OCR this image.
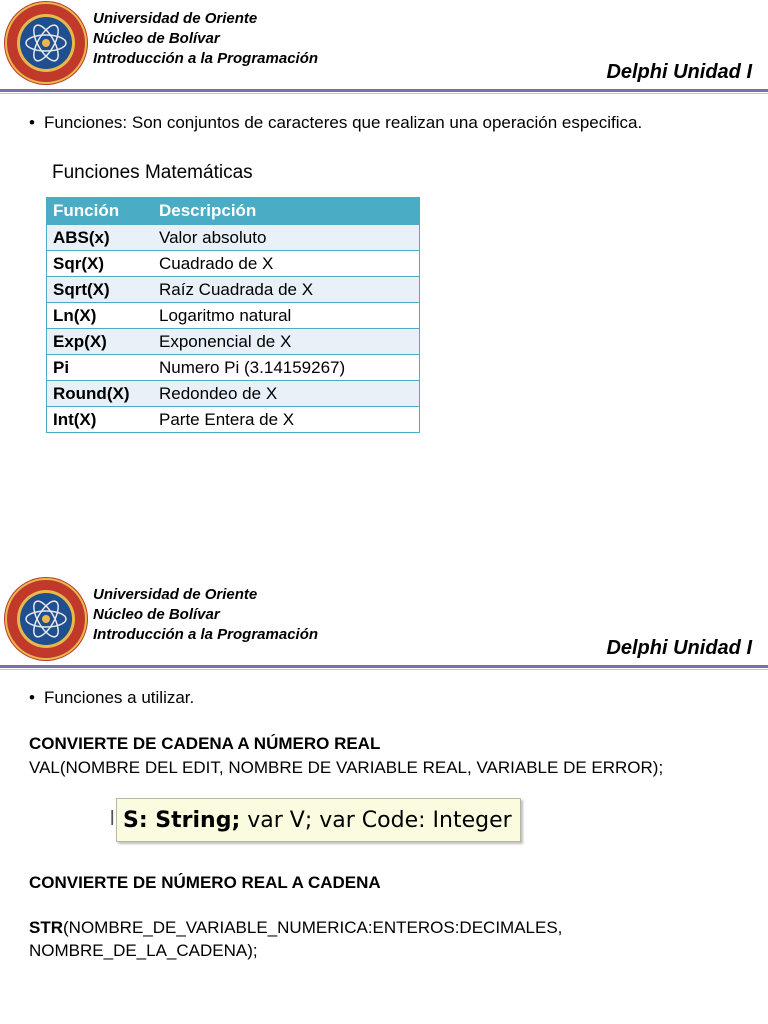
Universidad de Oriente
Núcleo de Bolívar
Introducción a la Programación
Delphi Unidad I
• Funciones: Son conjuntos de caracteres que realizan una operación especifica.
Funciones Matemáticas
Función	Descripción
ABS(x)	Valor absoluto
Sqr(X)	Cuadrado de X
Sqrt(X)	Raíz Cuadrada de X
Ln(X)	Logaritmo natural
Exp(X)	Exponencial de X
Pi	Numero Pi (3.14159267)
Round(X)	Redondeo de X
Int(X)	Parte Entera de X
Universidad de Oriente
Núcleo de Bolívar
Introducción a la Programación
Delphi Unidad I
• Funciones a utilizar.
CONVIERTE DE CADENA A NÚMERO REAL
VAL(NOMBRE DEL EDIT, NOMBRE DE VARIABLE REAL, VARIABLE DE ERROR);
l S: String; var V; var Code: Integer
CONVIERTE DE NÚMERO REAL A CADENA
STR(NOMBRE_DE_VARIABLE_NUMERICA:ENTEROS:DECIMALES,
NOMBRE_DE_LA_CADENA);
